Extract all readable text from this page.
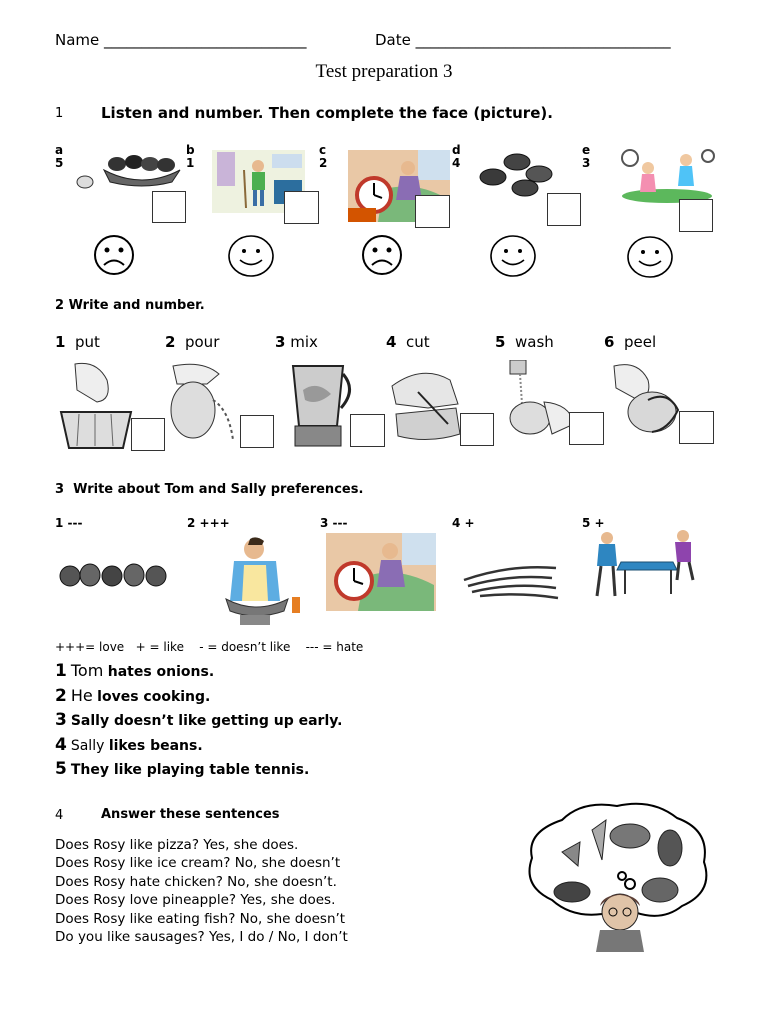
Name ___________________________	Date __________________________________
Test preparation 3
1	Listen and number. Then complete the face (picture).
a
5
b
1
c
2
d
4
e
3
2 Write and number.
1 put	2 pour	3 mix	4 cut	5 wash	6 peel
3 Write about Tom and Sally preferences.
1 ---	2 +++	3 ---	4 +	5 +
+++= love   + = like    - = doesn’t like    --- = hate
1 Tom hates onions.
2 He loves cooking.
3 Sally doesn’t like getting up early.
4 Sally likes beans.
5 They like playing table tennis.
4	Answer these sentences
Does Rosy like pizza? Yes, she does.
Does Rosy like ice cream? No, she doesn’t
Does Rosy hate chicken? No, she doesn’t.
Does Rosy love pineapple? Yes, she does.
Does Rosy like eating fish? No, she doesn’t
Do you like sausages? Yes, I do / No, I don’t
